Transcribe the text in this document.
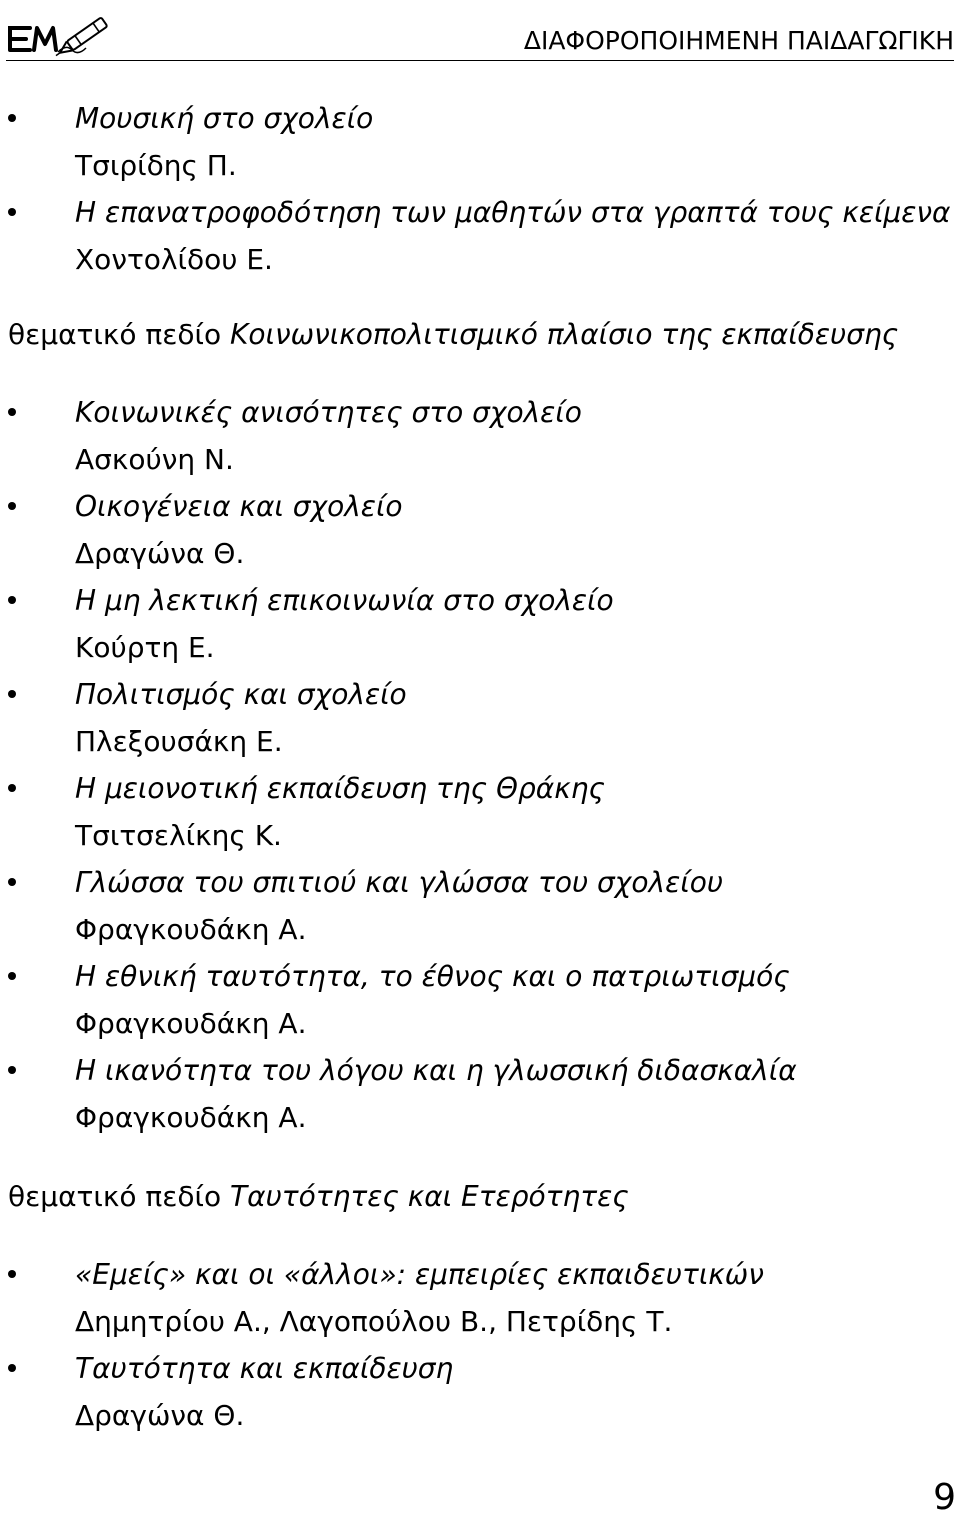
ΔΙΑΦΟΡΟΠΟΙΗΜΕΝΗ ΠΑΙΔΑΓΩΓΙΚΗ
Μουσική στο σχολείο
Τσιρίδης Π.
Η επανατροφοδότηση των μαθητών στα γραπτά τους κείμενα
Χοντολίδου Ε.
θεματικό πεδίο Κοινωνικοπολιτισμικό πλαίσιο της εκπαίδευσης
Κοινωνικές ανισότητες στο σχολείο
Ασκούνη Ν.
Οικογένεια και σχολείο
Δραγώνα Θ.
Η μη λεκτική επικοινωνία στο σχολείο
Κούρτη Ε.
Πολιτισμός και σχολείο
Πλεξουσάκη Ε.
Η μειονοτική εκπαίδευση της Θράκης
Τσιτσελίκης Κ.
Γλώσσα του σπιτιού και γλώσσα του σχολείου
Φραγκουδάκη Α.
Η εθνική ταυτότητα, το έθνος και ο πατριωτισμός
Φραγκουδάκη Α.
Η ικανότητα του λόγου και η γλωσσική διδασκαλία
Φραγκουδάκη Α.
θεματικό πεδίο Ταυτότητες και Ετερότητες
«Εμείς» και οι «άλλοι»: εμπειρίες εκπαιδευτικών
Δημητρίου Α., Λαγοπούλου Β., Πετρίδης Τ.
Ταυτότητα και εκπαίδευση
Δραγώνα Θ.
9
